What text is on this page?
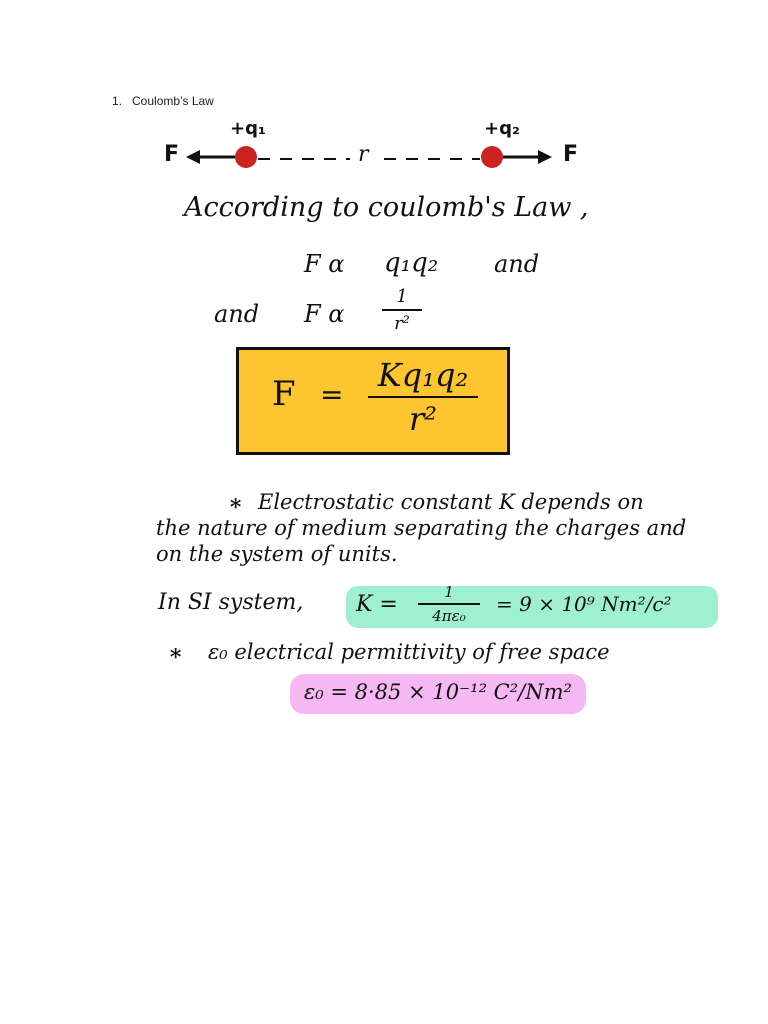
1. Coulomb’s Law
F	F
+q₁	+q₂
r
According to coulomb's Law ,
F α q₁q₂ and
and F α
1
r²
F =
Kq₁q₂
r²
∗ Electrostatic constant K depends on
the nature of medium separating the charges and
on the system of units.
In SI system, K =	1
4πε₀ = 9 × 10⁹ Nm²/c²
∗ ε₀ electrical permittivity of free space
ε₀ = 8·85 × 10⁻¹² C²/Nm²
